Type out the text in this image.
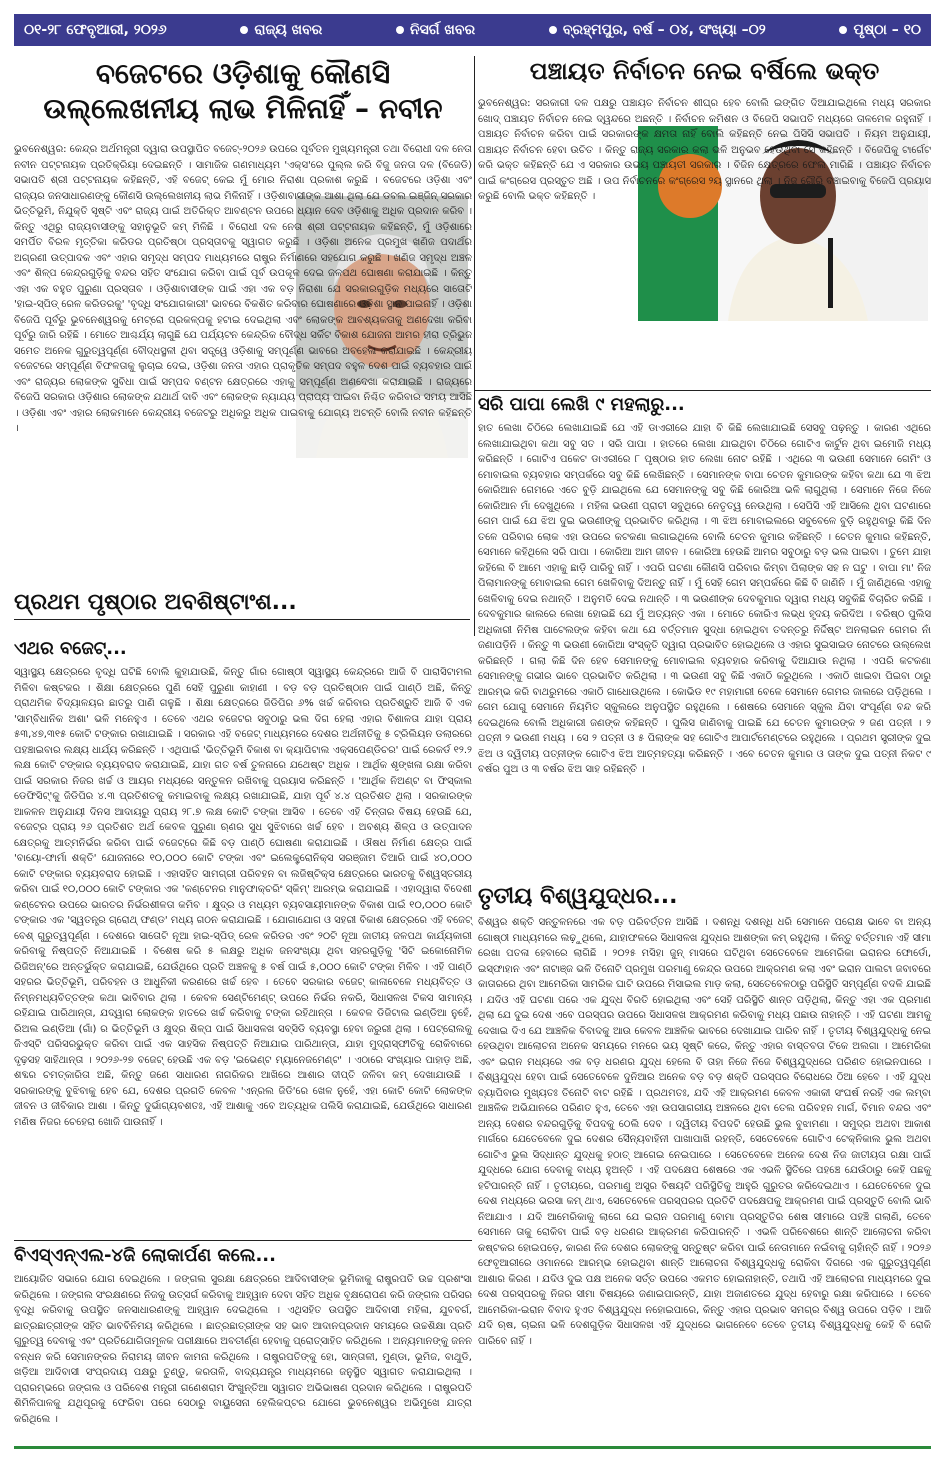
୦୧-୨୮ ଫେବୃଆରୀ, ୨୦୨୬	ରାଜ୍ୟ ଖବର	ନିସର୍ଗ ଖବର	ବ୍ରହ୍ମପୁର, ବର୍ଷ – ୦୪, ସଂଖ୍ୟା –୦୨	ପୃଷ୍ଠା – ୧୦
ବଜେଟରେ ଓଡ଼ିଶାକୁ କୌଣସି ଉଲ୍ଲେଖନୀୟ ଲାଭ ମିଳିନାହିଁ – ନବୀନ

ଭୁବନେଶ୍ୱର: କେନ୍ଦ୍ର ଅର୍ଥମନ୍ତ୍ରୀ ଦ୍ୱାରା ଉପସ୍ଥାପିତ ବଜେଟ୍-୨୦୨୬ ଉପରେ ପୂର୍ବତନ ମୁଖ୍ୟମନ୍ତ୍ରୀ ତଥା ବିରୋଧୀ ଦଳ ନେତା ନବୀନ ପଟ୍ଟନାୟକ ପ୍ରତିକ୍ରିୟା ଦେଇଛନ୍ତି । ସାମାଜିକ ଗଣମାଧ୍ୟମ 'ଏକ୍ସ'ରେ ପୁଲ୍ଲ କରି ବିଜୁ ଜନତା ଦଳ (ବିଜେଡି) ସଭାପତି ଶ୍ରୀ ପଟ୍ଟନାୟକ କହିଛନ୍ତି, ଏହି ବଜେଟ୍ କେଇ ମୁଁ ମୋର ନିରାଶା ପ୍ରକାଶ କରୁଛି । ବଜେଟରେ ଓଡ଼ିଶା ଏବଂ ରାଜ୍ୟର ଜନସାଧାରଣଙ୍କୁ କୌଣସି ଉଲ୍ଲେଖନୀୟ ଲାଭ ମିଳିନାହିଁ । ଓଡ଼ିଶାବାସୀଙ୍କ ଆଶା ଥିଲା ଯେ ଡବଲ ଇଞ୍ଜିନ୍ ସରକାର ଭିତ୍ତିଭୂମି, ନିଯୁକ୍ତି ସୃଷ୍ଟି ଏବଂ ରାଜ୍ୟ ପାଇଁ ଅତିରିକ୍ତ ଆବଣ୍ଟନ ଉପରେ ଧ୍ୟାନ ଦେବ ଓଡ଼ିଶାକୁ ଅଧିକ ପ୍ରଦାନ କରିବ । କିନ୍ତୁ ଏଥିରୁ ରାଜ୍ୟବାସୀଙ୍କୁ ସହାନୁଭୂତି କମ୍ ମିଳିଛି । ବିରୋଧୀ ଦଳ ନେତା ଶ୍ରୀ ପଟ୍ଟନାୟକ କହିଛନ୍ତି, ମୁଁ ଓଡ଼ିଶାରେ ସମର୍ପିତ ବିରଳ ମୃତ୍ତିକା କରିଡର ପ୍ରତିଷ୍ଠା ପ୍ରସ୍ତାବକୁ ସ୍ୱାଗତ କରୁଛି । ଓଡ଼ିଶା ଅନେକ ପ୍ରମୁଖ ଖଣିଜ ପଦାର୍ଥର ଅଗ୍ରଣୀ ଉତ୍ପାଦକ ଏବଂ ଏହାର ସମୃଦ୍ଧ ସମ୍ପଦ ମାଧ୍ୟମରେ ରାଷ୍ଟ୍ର ନିର୍ମାଣରେ ସହଯୋଗ କରୁଛି । ଖଣିଜ ସମୃଦ୍ଧ ଅଞ୍ଚଳ ଏବଂ ଶିଳ୍ପ କେନ୍ଦ୍ରଗୁଡ଼ିକୁ ବନ୍ଦର ସହିତ ସଂଯୋଗ କରିବା ପାଇଁ ପୂର୍ବ ଉପକୂଳ ଦେଇ ଜଳପଥ ଘୋଷଣା କରାଯାଇଛି । କିନ୍ତୁ ଏହା ଏକ ବହୁତ ପୁରୁଣା ପ୍ରସ୍ତାବ । ଓଡ଼ିଶାବାସୀଙ୍କ ପାଇଁ ଏହା ଏକ ବଡ଼ ନିରାଶା ଯେ ସରକାରଗୁଡ଼ିକ ମଧ୍ୟରେ ସାତୋଟି 'ହାଇ-ସ୍ପିଡ୍ ରେଳ କରିଡରକୁ' 'ବୃଦ୍ଧି ସଂଯୋଗକାରୀ' ଭାବରେ ବିକଶିତ କରିବାର ଘୋଷଣାରେ ଓଡ଼ିଶା ସ୍ଥାନ ପାଇନାହିଁ । ଓଡ଼ିଶା ବିଜେପି ପୂର୍ବରୁ ଭୁବନେଶ୍ୱରକୁ ମେଟ୍ରୋ ପ୍ରକଳ୍ପକୁ ହଟାଇ ଦେଇଥିଲା ଏବଂ ଲୋକଙ୍କ ଆବଶ୍ୟକତାକୁ ଅଣଦେଖା କରିବା ପୂର୍ବରୁ ଜାରି ରହିଛି । ମୋତେ ଆଶ୍ଚର୍ଯ୍ୟ ଲାଗୁଛି ଯେ ପର୍ଯ୍ୟଟନ କେନ୍ଦ୍ରିକ ବୌଦ୍ଧ ସର୍କିଟ ବିକାଶ ଯୋଜନା ଆମର ହୀରା ତ୍ରିଭୁଜ ସମେତ ଅନେକ ଗୁରୁତ୍ୱପୂର୍ଣ୍ଣ ବୌଦ୍ଧସ୍ଥଳୀ ଥିବା ସତ୍ତ୍ୱେ ଓଡ଼ିଶାକୁ ସମ୍ପୂର୍ଣ୍ଣ ଭାବରେ ଅବହେଳା କରାଯାଇଛି । କେନ୍ଦ୍ରୀୟ ବଜେଟରେ ସମ୍ପୂର୍ଣ୍ଣ ବିଫଳତାକୁ ଲୁଚାଇ ଦେଇ, ଓଡ଼ିଶା ଜନତା ଏହାର ପ୍ରାକୃତିକ ସମ୍ପଦ ବହୁଳ ଦେଶ ପାଇଁ ବ୍ୟବହାର ପାଇଁ ଏବଂ ରାଜ୍ୟର ଲୋକଙ୍କ ସୁବିଧା ପାଇଁ ସମ୍ପଦ ବଣ୍ଟନ କ୍ଷେତ୍ରରେ ଏହାକୁ ସମ୍ପୂର୍ଣ୍ଣ ଅଣଦେଖା କରାଯାଇଛି । ରାଜ୍ୟରେ ବିଜେପି ସରକାର ଓଡ଼ିଶାର ଲୋକଙ୍କ ଯଥାର୍ଥ ଦାବି ଏବଂ ଲୋକଙ୍କ ନ୍ୟାଯ୍ୟ ପ୍ରାପ୍ୟ ପାଇବା ନିଶ୍ଚିତ କରିବାର ସମୟ ଆସିଛି । ଓଡ଼ିଶା ଏବଂ ଏହାର ଲୋକମାନେ କେନ୍ଦ୍ରୀୟ ବଜେଟରୁ ଅଧିକରୁ ଅଧିକ ପାଇବାକୁ ଯୋଗ୍ୟ ଅଟନ୍ତି ବୋଲି ନବୀନ କହିଛନ୍ତି ।

ପଞ୍ଚାୟତ ନିର୍ବାଚନ ନେଇ ବର୍ଷିଲେ ଭକ୍ତ

ଭୁବନେଶ୍ୱର: ସରକାରୀ ଦଳ ପକ୍ଷରୁ ପଞ୍ଚାୟତ ନିର୍ବାଚନ ଶୀଘ୍ର ହେବ ବୋଲି ଇଙ୍ଗିତ ଦିଆଯାଇଥିଲେ ମଧ୍ୟ ସରକାର ଖୋଦ୍ ପଞ୍ଚାୟତ ନିର୍ବାଚନ ନେଇ ଦ୍ୱନ୍ଦରେ ଅଛନ୍ତି । ନିର୍ବାଚନ କମିଶନ ଓ ବିଜେପି ସଭାପତି ମଧ୍ୟରେ ତାଳମେଳ ରହୁନାହିଁ । ପଞ୍ଚାୟତ ନିର୍ବାଚନ କରିବା ପାଇଁ ସରକାରଙ୍କ କ୍ଷମତା ନାହିଁ ବୋଲି କହିଛନ୍ତି ନେଇ ପିସିସି ସଭାପତି । ନିୟମ ଅନୁଯାୟୀ, ପଞ୍ଚାୟତ ନିର୍ବାଚନ ହେବା ଉଚିତ । କିନ୍ତୁ ରାଜ୍ୟ ସରକାର କଲା ଭଳି ଅନୁଭବ ହେଉଥିବା ସେ କହିଛନ୍ତି । ବିଜେପିକୁ ଟାର୍ଗେଟ କରି ଭକ୍ତ କହିଛନ୍ତି ଯେ ଏ ସରକାର ଉଭୟ ପଞ୍ଚାୟତୀ ସରକାର । ବିଜିନ କ୍ଷେତ୍ରରେ ଫେଲ ମାରିଛି । ପଞ୍ଚାୟତ ନିର୍ବାଚନ ପାଇଁ କଂଗ୍ରେସ ପ୍ରସ୍ତୁତ ଅଛି । ଉପ ନିର୍ବାଚନରେ କଂଗ୍ରେସ ୨ୟ ସ୍ଥାନରେ ଥିଲା । ନିଜ ଗୌରି ବଞ୍ଚାଇବାକୁ ବିଜେପି ପ୍ରୟାସ କରୁଛି ବୋଲି ଭକ୍ତ କହିଛନ୍ତି ।

ପ୍ରଥମ ପୃଷ୍ଠାର ଅବଶିଷ୍ଟାଂଶ...
ସରି ପାପା ଲେଖି ୯ ମହଲାରୁ...

ହାତ ଲେଖା ଚିଠିରେ ଲେଖାଯାଇଛି ଯେ ଏହି ଡାଏରୀରେ ଯାହା ବି କିଛି ଲେଖାଯାଇଛି ସେସବୁ ପଢ଼ନ୍ତୁ । କାରଣ ଏଥିରେ ଲେଖାଯାଇଥିବା କଥା ସବୁ ସତ । ସରି ପାପା । ହାତରେ ଲେଖା ଯାଇଥିବା ଚିଠିରେ ଗୋଟିଏ କାର୍ଟୁନ ଥିବା ଇମୋଜି ମଧ୍ୟ କରିଛନ୍ତି । ଗୋଟିଏ ପକେଟ ଡାଏରୀରେ ୮ ପୃଷ୍ଠାର ହାତ ଲେଖା ନୋଟ ରହିଛି । ଏଥିରେ ୩ ଭଉଣୀ ସେମାନେ ଗେମିଂ ଓ ମୋବାଇଲ ବ୍ୟବହାର ସମ୍ପର୍କରେ ସବୁ କିଛି ଲେଖିଛନ୍ତି । ସେମାନଙ୍କ ବାପା ଚେତନ କୁମାରଙ୍କ କହିବା କଥା ଯେ ୩ ଝିଅ କୋରିଆନ ଗେମରେ ଏତେ ବୁଡ଼ି ଯାଇଥିଲେ ଯେ ସେମାନଙ୍କୁ ସବୁ କିଛି କୋରିଆ ଭଳି ଲାଗୁଥିଲା । ସେମାନେ ନିଜେ ନିଜେ କୋରିଆନ ମାଁ ଦେଖୁଥିଲେ । ମହିଳା ଭଉଣୀ ପ୍ରାଚୀ ସବୁଥିରେ ନେତୃତ୍ୱ ନେଉଥିଲା । ସେପିସି ଏହି ଆସିଲେ ଥିବା ଘଟଣାରେ ଗେମ ପାଇଁ ଯେ ଝିଅ ଦୁଇ ଭଉଣୀଙ୍କୁ ପ୍ରଭାବିତ କରିଥିଲା । ୩ ଝିଅ ମୋବାଇଲରେ ସବୁବେଳେ ବୁଡ଼ି ରହୁଥିବାରୁ କିଛି ଦିନ ତଳେ ପରିବାର ଲୋକ ଏହା ଉପରେ କଟକଣା ଲଗାଇଥିଲେ ବୋଲି ଚେତନ କୁମାର କହିଛନ୍ତି । ଚେତନ କୁମାର କହିଛନ୍ତି, ସେମାନେ କହିଥିଲେ ସରି ପାପା । କୋରିଆ ଆମ ଜୀବନ । କୋରିଆ ହେଉଛି ଆମର ସବୁଠାରୁ ବଡ଼ ଭଲ ପାଇବା । ତୁମେ ଯାହା କହିଲେ ବି ଆମେ ଏହାକୁ ଛାଡ଼ି ପାରିବୁ ନାହିଁ । ଏପରି ଘଟଣା କୌଣସି ପରିବାର କିମ୍ବା ପିଲାଙ୍କ ସହ ନ ଘଟୁ । ବାପା ମା' ନିଜ ପିଲାମାନଙ୍କୁ ମୋବାଇଲ ଗେମ ଖେଳିବାକୁ ଦିଅନ୍ତୁ ନାହିଁ । ମୁଁ ସେହି ଗେମ ସମ୍ପର୍କରେ କିଛି ବି ଜାଣିନି । ମୁଁ ଜାଣିଥିଲେ ଏହାକୁ ଖେଳିବାକୁ ଦେଇ ନଥାନ୍ତି । ଅନୁମତି ଦେଇ ନଥାନ୍ତି । ୩ ଭଉଣୀଙ୍କ ଦେବକୁମାର ଦ୍ୱାରା ମଧ୍ୟ ସବୁକିଛି ବିଚାରିତ କରିଛି । ଦେବକୁମାର କାଲରେ ଲେଖା ହୋଇଛି ଯେ ମୁଁ ଅତ୍ୟନ୍ତ ଏକା । ମୋତେ କୋରିଏ ଲଭ୍ଧ ହୃଦୟ କରିଦିଅ । ବରିଷ୍ଠ ପୁଲିସ ଅଧିକାରୀ ନିମିଷ ପାଟେଲଙ୍କ କହିବା କଥା ଯେ ବର୍ତ୍ତମାନ ସୁଦ୍ଧା ହୋଇଥିବା ତଦନ୍ତରୁ ନିର୍ଦ୍ଦିଷ୍ଟ ଅନଲାଇନ ଗେମର ନାଁ ଜଣାପଡ଼ିନି । କିନ୍ତୁ ୩ ଭଉଣୀ କୋରିଆ ସଂସ୍କୃତି ଦ୍ୱାରା ପ୍ରଭାବିତ ହୋଇଥିଲେ ଓ ଏହାର ସୁଇସାଇଡ ନୋଟରେ ଉଲ୍ଲେଖ କରିଛନ୍ତି । ଗଲା କିଛି ଦିନ ହେବ ସେମାନଙ୍କୁ ମୋବାଇଲ ବ୍ୟବହାର କରିବାକୁ ଦିଆଯାଉ ନଥିଲା । ଏପରି କଟକଣା ସେମାନଙ୍କୁ ଗଭୀର ଭାବେ ପ୍ରଭାବିତ କରିଥିଲା । ୩ ଭଉଣୀ ସବୁ କିଛି ଏକାଠି କରୁଥିଲେ । ଏକାଠି ଖାଇବା ପିଇବା ଠାରୁ ଆରମ୍ଭ କରି ବାଥରୁମରେ ଏକାଠି ଗାଧୋଉଥିଲେ । କୋଭିଡ ୧୯ ମହାମାରୀ ବେଳେ ସେମାନେ ଗେମର ଜାଲରେ ପଡ଼ିଥିଲେ । ଗେମ ଯୋଗୁ ସେମାନେ ନିୟମିତ ସ୍କୁଲରେ ଅନୁପସ୍ଥିତ ରହୁଥିଲେ । ଶେଷରେ ସେମାନେ ସ୍କୁଲ ଯିବା ସଂପୂର୍ଣ୍ଣ ବନ୍ଦ କରି ଦେଇଥିଲେ ବୋଲି ଅଧିକାରୀ ଜଣଙ୍କ କହିଛନ୍ତି । ପୁଲିସ ଜାଣିବାକୁ ପାଇଛି ଯେ ଚେତନ କୁମାରଙ୍କ ୨ ଜଣ ପତ୍ନୀ । ୨ ପତ୍ନୀ ୨ ଭଉଣୀ ମଧ୍ୟ । ସେ ୨ ପତ୍ନୀ ଓ ୫ ପିଲାଙ୍କ ସହ ଗୋଟିଏ ଆପାର୍ଟମେଣ୍ଟରେ ରହୁଥିଲେ । ପ୍ରଥମ ସ୍ତ୍ରୀଙ୍କ ଦୁଇ ଝିଅ ଓ ଦ୍ୱିତୀୟ ପତ୍ନୀଙ୍କ ଗୋଟିଏ ଝିଅ ଆତ୍ମହତ୍ୟା କରିଛନ୍ତି । ଏବେ ଚେତନ କୁମାର ଓ ତାଙ୍କ ଦୁଇ ପତ୍ନୀ ନିକଟ ୯ ବର୍ଷର ପୁଅ ଓ ୩ ବର୍ଷର ଝିଅ ସାହ ରହିଛନ୍ତି ।

ଏଥର ବଜେଟ୍...

ସ୍ୱାସ୍ଥ୍ୟ କ୍ଷେତ୍ରରେ ବୃଦ୍ଧି ଘଟିଛି ବୋଲି କୁହାଯାଉଛି, କିନ୍ତୁ ଗାଁର ଗୋଷ୍ଠୀ ସ୍ୱାସ୍ଥ୍ୟ କେନ୍ଦ୍ରରେ ଆଜି ବି ପାରାସିଟାମଲ ମିଳିବା କଷ୍ଟକର । ଶିକ୍ଷା କ୍ଷେତ୍ରରେ ପୁଣି ସେହି ପୁରୁଣା କାହାଣୀ । ବଡ଼ ବଡ଼ ପ୍ରତିଷ୍ଠାନ ପାଇଁ ପାଣ୍ଠି ଅଛି, କିନ୍ତୁ ପ୍ରାଥମିକ ବିଦ୍ୟାଳୟର ଛାତରୁ ପାଣି ଗଳୁଛି । ଶିକ୍ଷା କ୍ଷେତ୍ରରେ ଜିଡିପିର ୬% ଖର୍ଚ୍ଚ କରିବାର ପ୍ରତିଶ୍ରୁତି ଆଜି ବି ଏକ 'ସାମ୍ବିଧାନିକ ଅଶା' ଭଳି ମନେହୁଏ । ତେବେ ଏଥର ବଜେଟର ସବୁଠାରୁ ଭଲ ଦିଗ ହେଲା ଏହାର ବିଶାଳତା ଯାହା ପ୍ରାୟ ୫୩,୪୭,୩୧୫ କୋଟି ଟଙ୍କାର ରଖାଯାଇଛି । ସରକାର ଏହି ବଜେଟ୍ ମାଧ୍ୟମରେ ଦେଶର ଅର୍ଥନୀତିକୁ ୫ ଟ୍ରିଲିୟନ ଡଲାରରେ ପହଞ୍ଚାଇବାର ଲକ୍ଷ୍ୟ ଧାର୍ଯ୍ୟ କରିଛନ୍ତି । ଏଥିପାଇଁ 'ଭିତ୍ତିଭୂମି ବିକାଶ ବା କ୍ୟାପିଟାଲ ଏକ୍ସପେଣ୍ଡିଚର' ପାଇଁ ରେକର୍ଡ ୧୨.୨ ଲକ୍ଷ କୋଟି ଟଙ୍କାର ବ୍ୟୟବରାଦ କରାଯାଇଛି, ଯାହା ଗତ ବର୍ଷ ତୁଳନାରେ ଯଥେଷ୍ଟ ଅଧିକ । ଆର୍ଥିକ ଶୃଙ୍ଖଳା ରକ୍ଷା କରିବା ପାଇଁ ସରକାର ନିଜର ଖର୍ଚ୍ଚ ଓ ଆୟର ମଧ୍ୟରେ ସନ୍ତୁଳନ ରଖିବାକୁ ପ୍ରୟାସ କରିଛନ୍ତି । 'ଆର୍ଥିକ ନିଅଣ୍ଟ ବା ଫିସ୍କାଲ ଡେଫିସିଟ୍'କୁ ଜିଡିପିର ୪.୩ ପ୍ରତିଶତକୁ କମାଇବାକୁ ଲକ୍ଷ୍ୟ ରଖାଯାଇଛି, ଯାହା ପୂର୍ବ ୪.୪ ପ୍ରତିଶତ ଥିଲା । ସରକାରଙ୍କ ଆକଳନ ଅନୁଯାୟୀ ଦିନସ ଆଦାୟରୁ ପ୍ରାୟ ୨୮.୭ ଲକ୍ଷ କୋଟି ଟଙ୍କା ଆସିବ । ତେବେ ଏହି ଚିନ୍ତାର ବିଷୟ ହେଉଛି ଯେ, ବଜେଟ୍‌ର ପ୍ରାୟ ୨୬ ପ୍ରତିଶତ ଅର୍ଥ କେବଳ ପୁରୁଣା ଋଣର ସୁଧ ସୁଝିବାରେ ଖର୍ଚ୍ଚ ହେବ । ଅବଶ୍ୟ ଶିଳ୍ପ ଓ ଉତ୍ପାଦନ କ୍ଷେତ୍ରକୁ ଆତ୍ମନିର୍ଭର କରିବା ପାଇଁ ବଜେଟ୍‌ରେ କିଛି ବଡ଼ ପାଣ୍ଠି ଘୋଷଣା କରାଯାଇଛି । ଔଷଧ ନିର୍ମାଣ କ୍ଷେତ୍ର ପାଇଁ 'ବାୟୋ-ଫାର୍ମା ଶକ୍ତି' ଯୋଜନାରେ ୧୦,୦୦୦ କୋଟି ଟଙ୍କା ଏବଂ ଇଲେକ୍ଟ୍ରୋନିକ୍ସ ସରଞ୍ଜାମ ତିଆରି ପାଇଁ ୪୦,୦୦୦ କୋଟି ଟଙ୍କାର ବ୍ୟୟବରାଦ ହୋଇଛି । ଏହାସହିତ ସାମଗ୍ରୀ ପରିବହନ ବା ଲଜିଷ୍ଟିକ୍ସ କ୍ଷେତ୍ରରେ ଭାରତକୁ ବିଶ୍ୱସ୍ତରୀୟ କରିବା ପାଇଁ ୧୦,୦୦୦ କୋଟି ଟଙ୍କାର ଏକ 'କଣ୍ଟେନର ମାନୁଫାକ୍ଚରିଂ ସ୍କିମ୍' ଆରମ୍ଭ କରାଯାଇଛି । ଏହାଦ୍ୱାରା ବିଦେଶୀ କଣ୍ଟେନର ଉପରେ ଭାରତର ନିର୍ଭରଶୀଳତା କମିବ । କ୍ଷୁଦ୍ର ଓ ମଧ୍ୟମ ବ୍ୟବସାୟୀମାନଙ୍କ ବିକାଶ ପାଇଁ ୧୦,୦୦୦ କୋଟି ଟଙ୍କାର ଏକ 'ସ୍ୱତନ୍ତ୍ର ଗ୍ରୋଥ୍ ଫଣ୍ଡ' ମଧ୍ୟ ଗଠନ କରାଯାଇଛି । ଯୋଗାଯୋଗ ଓ ସହରୀ ବିକାଶ କ୍ଷେତ୍ରରେ ଏହି ବଜେଟ୍ ବେଶ୍ ଗୁରୁତ୍ୱପୂର୍ଣ୍ଣ । ଦେଶରେ ସାତୋଟି ନୂଆ ହାଇ-ସ୍ପିଡ୍ ରେଳ କରିଡର ଏବଂ ୨୦ଟି ନୂଆ ଜାତୀୟ ଜଳପଥ କାର୍ଯ୍ୟକାରୀ କରିବାକୁ ନିଷ୍ପତ୍ତି ନିଆଯାଇଛି । ବିଶେଷ କରି ୫ ଲକ୍ଷରୁ ଅଧିକ ଜନସଂଖ୍ୟା ଥିବା ସହରଗୁଡ଼ିକୁ 'ସିଟି ଇକୋନୋମିକ ରିଜିଅନ୍'ରେ ଅନ୍ତର୍ଭୁକ୍ତ କରାଯାଇଛି, ଯେଉଁଥିରେ ପ୍ରତି ଅଞ୍ଚଳକୁ ୫ ବର୍ଷ ପାଇଁ ୫,୦୦୦ କୋଟି ଟଙ୍କା ମିଳିବ । ଏହି ପାଣ୍ଠି ସହରର ଭିତ୍ତିଭୂମି, ପରିବହନ ଓ ଆଧୁନିକୀ କରଣରେ ଖର୍ଚ୍ଚ ହେବ । ତେବେ ସରକାର ବଜେଟ୍ କାଳାବେଳେ ମଧ୍ୟବିତ୍ତ ଓ ନିମ୍ନମଧ୍ୟବିତ୍ତଙ୍କ କଥା ଭାବିବାର ଥିଲା । କେବଳ ସେଣ୍ଟିମେଣ୍ଟ୍ ଉପରେ ନିର୍ଭର ନକରି, ସିଧାସଳଖ ଟିକସ ସାମାନ୍ୟ ରହିଯାଇ ପାରିଥାନ୍ତା, ଯଦ୍ୱାରା ଲୋକଙ୍କ ହାତରେ ଖର୍ଚ୍ଚ କରିବାକୁ ଟଙ୍କା ରହିଥାନ୍ତା । କେବଳ ଡିଜିଟାଲ ଇଣ୍ଡିଆ ନୁହେଁ, ରିଅଲ ଇଣ୍ଡିଆ (ଗାଁ) ର ଭିତ୍ତିଭୂମି ଓ କ୍ଷୁଦ୍ର ଶିଳ୍ପ ପାଇଁ ସିଧାସଳଖ ସବ୍‌ସିଡି ବ୍ୟବସ୍ଥା ହେବା ଜରୁରୀ ଥିଲା । ପେଟ୍ରୋଲକୁ ଜିଏସ୍‌ଟି ପରିସରଭୁକ୍ତ କରିବା ପାଇଁ ଏକ ସାହସିକ ନିଷ୍ପତ୍ତି ନିଆଯାଇ ପାରିଥାନ୍ତା, ଯାହା ମୁଦ୍ରାସ୍ଫୀତିକୁ ରୋକିବାରେ ଦୃଢ଼ସହ ସାହିଥାନ୍ତା । ୨୦୨୬-୨୭ ବଜେଟ୍ ହେଉଛି ଏକ ବଡ଼ 'ଇଭେଣ୍ଟ ମ୍ୟାନେଜମେଣ୍ଟ' । ଏଠାରେ ସଂଖ୍ୟାର ପାହାଡ଼ ଅଛି, ଶବ୍ଦର ଚମତ୍କାରିତା ଅଛି, କିନ୍ତୁ ଜଣେ ସାଧାରଣ ନାଗରିକର ଆଖିରେ ଆଶାର ଦୀପ୍ତି ଜଳିବା କମ୍ ଦେଖାଯାଉଛି । ସରକାରଙ୍କୁ ବୁଝିବାକୁ ହେବ ଯେ, ଦେଶର ପ୍ରଗତି କେବଳ 'ଏନ୍ରଲ ଜିଡି'ରେ ଖେଳ ନୁହେଁ, ଏହା କୋଟି କୋଟି ଲୋକଙ୍କ ଜୀବନ ଓ ଜୀବିକାର ଆଶା । କିନ୍ତୁ ଦୁର୍ଭାଗ୍ୟବଶତଃ, ଏହି ଆଶାକୁ ଏବେ ଅତ୍ୟଧିକ ପଲିସି କରାଯାଇଛି, ଯେଉଁଥିରେ ସାଧାରଣ ମଣିଷ ନିଜର ଚେହେରା ଖୋଜି ପାଉନାହିଁ ।

ତୃତୀୟ ବିଶ୍ୱଯୁଦ୍ଧର...

ବିଶ୍ୱର ଶକ୍ତି ସନ୍ତୁଳନରେ ଏକ ବଡ଼ ପରିବର୍ତ୍ତନ ଆସିଛି । ଦଶନ୍ଧି ଦଶନ୍ଧି ଧରି ସେମାନେ ପରୋକ୍ଷ ଭାବେ ବା ଅନ୍ୟ ଗୋଷ୍ଠୀ ମାଧ୍ୟମରେ ଲଢ଼ୁଥିଲେ, ଯାହାଫଳରେ ସିଧାସଳଖ ଯୁଦ୍ଧର ଆଶଙ୍କା କମ୍ ରହୁଥିଲା । କିନ୍ତୁ ବର୍ତ୍ତମାନ ଏହି ସୀମା ରେଖା ପତଳା ହେବାରେ ଲାଗିଛି । ୨୦୨୫ ମସିହା ଜୁନ୍ ମାସରେ ଘଟିଥିବା ସେତେବେଳେ ଆମେରିକା ଇରାନର ଫୋର୍ଡୋ, ଇସ୍‌ଫାହାନ ଏବଂ ନାଟାଞ୍ଜ ଭଳି ତିନୋଟି ପ୍ରମୁଖ ପରମାଣୁ କେନ୍ଦ୍ର ଉପରେ ଆକ୍ରମଣ କଲା ଏବଂ ଇରାନ ପାଲଟା ଜବାବରେ କାତାରରେ ଥିବା ଆମେରିକା ସାମରିକ ଘାଟି ଉପରେ ମିସାଇଲ ମାଡ଼ କଲା, ସେତେବେଳଠାରୁ ପରିସ୍ଥିତି ସମ୍ପୂର୍ଣ୍ଣ ବଦଳି ଯାଇଛି । ଯଦିଓ ଏହି ଘଟଣା ପରେ ଏକ ଯୁଦ୍ଧ ବିରତି ହୋଇଥିଲା ଏବଂ ସେହି ପରିସ୍ଥିତି ଶାନ୍ତ ପଡ଼ିଥିଲା, କିନ୍ତୁ ଏହା ଏକ ପ୍ରମାଣ ଥିଲା ଯେ ଦୁଇ ଦେଶ ଏବେ ପରସ୍ପର ଉପରେ ସିଧାସଳଖ ଆକ୍ରମଣ କରିବାକୁ ମଧ୍ୟ ପଛାଉ ନାହାନ୍ତି । ଏହି ଘଟଣା ଆମକୁ ଦେଖାଇ ଦିଏ ଯେ ଆଞ୍ଚଳିକ ବିବାଦକୁ ଆଉ କେବଳ ଆଞ୍ଚଳିକ ଭାବରେ ଦେଖାଯାଇ ପାରିବ ନାହିଁ । ତୃତୀୟ ବିଶ୍ୱଯୁଦ୍ଧକୁ ନେଇ ହେଉଥିବା ଆଲୋଚନା ଅନେକ ସମୟରେ ମନରେ ଭୟ ସୃଷ୍ଟି କରେ, କିନ୍ତୁ ଏହାର ବାସ୍ତବତା ଟିକେ ଅଲଗା । ଆମେରିକା ଏବଂ ଇରାନ ମଧ୍ୟରେ ଏକ ବଡ଼ ଧରଣର ଯୁଦ୍ଧ ହେଲେ ବି ତାହା ନିଜେ ନିଜେ ବିଶ୍ୱଯୁଦ୍ଧରେ ପରିଣତ ହୋଇନପାରେ । ବିଶ୍ୱଯୁଦ୍ଧ ହେବା ପାଇଁ ସେତେବେଳେ ଦୁନିଆର ଅନେକ ବଡ଼ ବଡ଼ ଶକ୍ତି ପରସ୍ପର ବିରୋଧରେ ଠିଆ ହେବେ । ଏହି ଯୁଦ୍ଧ ବ୍ୟାପିବାର ମୁଖ୍ୟତଃ ତିନୋଟି ବାଟ ରହିଛି । ପ୍ରଥମତଃ, ଯଦି ଏହି ଆକ୍ରମଣ କେବଳ ଏକାକୀ ସଂଘର୍ଷ ନରହି ଏକ ଲମ୍ବା ଆଞ୍ଚଳିକ ଅଭିଯାନରେ ପରିଣତ ହୁଏ, ତେବେ ଏହା ଉପସାଗରୀୟ ଅଞ୍ଚଳରେ ଥିବା ତେଲ ପରିବହନ ମାର୍ଗ, ବିମାନ ବନ୍ଦର ଏବଂ ଅନ୍ୟ ଦେଶର ବନ୍ଦରଗୁଡ଼ିକୁ ବିପଦକୁ ଠେଲି ଦେବ । ଦ୍ୱିତୀୟ ବିପଦଟି ହେଉଛି ଭୁଲ ବୁଝାମଣା । ସମୁଦ୍ର ଅଥବା ଆକାଶ ମାର୍ଗରେ ଯେତେବେଳେ ଦୁଇ ଦେଶର ସୈନ୍ୟବାହିନୀ ପାଖାପାଖି ରହନ୍ତି, ସେତେବେଳେ ଗୋଟିଏ ଟେକ୍ନିକାଲ ଭୁଲ ଅଥବା ଗୋଟିଏ ଭୁଲ ସିଦ୍ଧାନ୍ତ ଯୁଦ୍ଧକୁ ହଠାତ୍ ଆଗେଇ ନେଇପାରେ । ସେତେବେଳେ ଅନେକ ଦେଶ ନିଜ ଜାତୀୟତା ରକ୍ଷା ପାଇଁ ଯୁଦ୍ଧରେ ଯୋଗ ଦେବାକୁ ବାଧ୍ୟ ହୁଅନ୍ତି । ଏହି ପଦକ୍ଷେପ ଶେଷରେ ଏକ ଏଭଳି ସ୍ଥିତିରେ ପହଞ୍ଚେ ଯେଉଁଠାରୁ କେହି ପଛକୁ ହଟିପାରନ୍ତି ନାହିଁ । ତୃତୀୟରେ, ପରମାଣୁ ଅସ୍ତ୍ର ବିଷୟଟି ପରିସ୍ଥିତିକୁ ଆହୁରି ଗୁରୁତର କରିଦେଇଥାଏ । ଯେତେବେଳେ ଦୁଇ ଦେଶ ମଧ୍ୟରେ ଭରସା କମ୍ ଥାଏ, ସେତେବେଳେ ପରସ୍ପରର ପ୍ରତିଟି ପଦକ୍ଷେପକୁ ଆକ୍ରମଣ ପାଇଁ ପ୍ରସ୍ତୁତି ବୋଲି ଭାବି ନିଆଯାଏ । ଯଦି ଆମେରିକାକୁ ଲାଗେ ଯେ ଇରାନ ପରମାଣୁ ବୋମା ପ୍ରସ୍ତୁତିର ଶେଷ ସୀମାରେ ପହଞ୍ଚି ଗଲାଣି, ତେବେ ସେମାନେ ତାକୁ ରୋକିବା ପାଇଁ ବଡ଼ ଧରଣର ଆକ୍ରମଣ କରିପାରନ୍ତି । ଏଭଳି ପରିବେଶରେ ଶାନ୍ତି ଆଲୋଚନା କରିବା କଷ୍ଟକର ହୋଇପଡ଼େ, କାରଣ ନିଜ ଦେଶର ଲୋକଙ୍କୁ ସନ୍ତୁଷ୍ଟ କରିବା ପାଇଁ ନେତାମାନେ ନଇଁବାକୁ ଚାହାଁନ୍ତି ନାହିଁ । ୨୦୨୬ ଫେବୃଆରୀରେ ଓମାନରେ ଆରମ୍ଭ ହୋଇଥିବା ଶାନ୍ତି ଆଲୋଚନା ବିଶ୍ୱଯୁଦ୍ଧକୁ ରୋକିବା ଦିଗରେ ଏକ ଗୁରୁତ୍ୱପୂର୍ଣ୍ଣ ଆଶାର କିରଣ । ଯଦିଓ ଦୁଇ ପକ୍ଷ ଅନେକ ସର୍ତ୍ତ ଉପରେ ଏକମତ ହୋଇନାହାନ୍ତି, ତଥାପି ଏହି ଆଲୋଚନା ମାଧ୍ୟମରେ ଦୁଇ ଦେଶ ପରସ୍ପରକୁ ନିଜର ସୀମା ବିଷୟରେ ଜଣାଇପାରନ୍ତି, ଯାହା ଅଜାଣତରେ ଯୁଦ୍ଧ ହେବାରୁ ରକ୍ଷା କରିପାରେ । ତେବେ ଆମେରିକା-ଇରାନ ବିବାଦ ହୁଏତ ବିଶ୍ୱଯୁଦ୍ଧ ନହୋଇପାରେ, କିନ୍ତୁ ଏହାର ପ୍ରଭାବ ସମଗ୍ର ବିଶ୍ୱ ଉପରେ ପଡ଼ିବ । ଆଜି ଯଦି ଋଷ, ଚାଇନା ଭଳି ଦେଶଗୁଡ଼ିକ ସିଧାସଳଖ ଏହି ଯୁଦ୍ଧରେ ଭାଗନେବେ ତେବେ ତୃତୀୟ ବିଶ୍ୱଯୁଦ୍ଧକୁ କେହି ବି ରୋକି ପାରିବେ ନାହିଁ ।

ବିଏସ୍ଏନ୍ଏଲ-୪ଜି ଲୋକାର୍ପଣ କଲେ...

ଆୟୋଜିତ ସଭାରେ ଯୋଗ ଦେଇଥିଲେ । ଜଙ୍ଗଲ ସୁରକ୍ଷା କ୍ଷେତ୍ରରେ ଆଦିବାସୀଙ୍କ ଭୂମିକାକୁ ରାଷ୍ଟ୍ରପତି ଉଚ୍ଚ ପ୍ରଶଂସା କରିଥିଲେ । ଜଙ୍ଗଲ ସଂରକ୍ଷଣରେ ନିଜକୁ ଉତ୍ସର୍ଗ କରିବାକୁ ଆହ୍ୱାନ ଦେବା ସହିତ ଅଧିକ ବୃକ୍ଷରୋପଣ କରି ଜଙ୍ଗଲ ପରିସର ବୃଦ୍ଧି କରିବାକୁ ଉପସ୍ଥିତ ଜନସାଧାରଣଙ୍କୁ ଆହ୍ୱାନ ଦେଇଥିଲେ । ଏଥିସହିତ ଉପସ୍ଥିତ ଆଦିବାସୀ ମହିଳା, ଯୁବବର୍ଗ, ଛାତ୍ରଛାତ୍ରୀଙ୍କ ସହିତ ଭାବବିନିମୟ କରିଥିଲେ । ଛାତ୍ରଛାତ୍ରୀଙ୍କ ସହ ଭାବ ଆଦାନପ୍ରଦାନ ସମୟରେ ଉଚ୍ଚଶିକ୍ଷା ପ୍ରତି ଗୁରୁତ୍ୱ ଦେବାକୁ ଏବଂ ପ୍ରତିଯୋଗିତାମୂଳକ ପରୀକ୍ଷାରେ ଅବତୀର୍ଣ୍ଣ ହେବାକୁ ପ୍ରୋତ୍ସାହିତ କରିଥିଲେ । ଅନ୍ୟମାନଙ୍କୁ ଜନନ ବନ୍ଧନ କରି ସେମାନଙ୍କର ନିରାମୟ ଜୀବନ କାମନା କରିଥିଲେ । ରାଷ୍ଟ୍ରପତିଙ୍କୁ ହୋ, ସାନ୍ତାଳୀ, ମୁଣ୍ଡା, ଭୂମିଜ, ବାଥୁଡି, ଖଡ଼ିଆ ଆଦିବାସୀ ସଂପ୍ରଦାୟ ପକ୍ଷରୁ ତୁଣ୍ଡୁ, କରତାଳି, ବାଦ୍ୟଯନ୍ତ୍ର ମାଧ୍ୟମରେ ଜନୁସ୍ଥିତ ସ୍ୱାଗତ କରାଯାଇଥିଲା । ପ୍ରାରମ୍ଭରେ ଜଙ୍ଗଲ ଓ ପରିବେଶ ମନ୍ତ୍ରୀ ଗଣେଶରାମ ସିଂଖୁନ୍ତିଆ ସ୍ୱାଗତ ଅଭିଭାଷଣ ପ୍ରଦାନ କରିଥିଲେ । ରାଷ୍ଟ୍ରପତି ଶିମିଳିପାଳକୁ ଯଥିପୂରକୁ ଫେରିବା ପରେ ସେଠାରୁ ବାୟୁସେନା ହେଲିକପ୍ଟର ଯୋଗେ ଭୁବନେଶ୍ୱର ଅଭିମୁଖେ ଯାତ୍ରା କରିଥିଲେ ।
